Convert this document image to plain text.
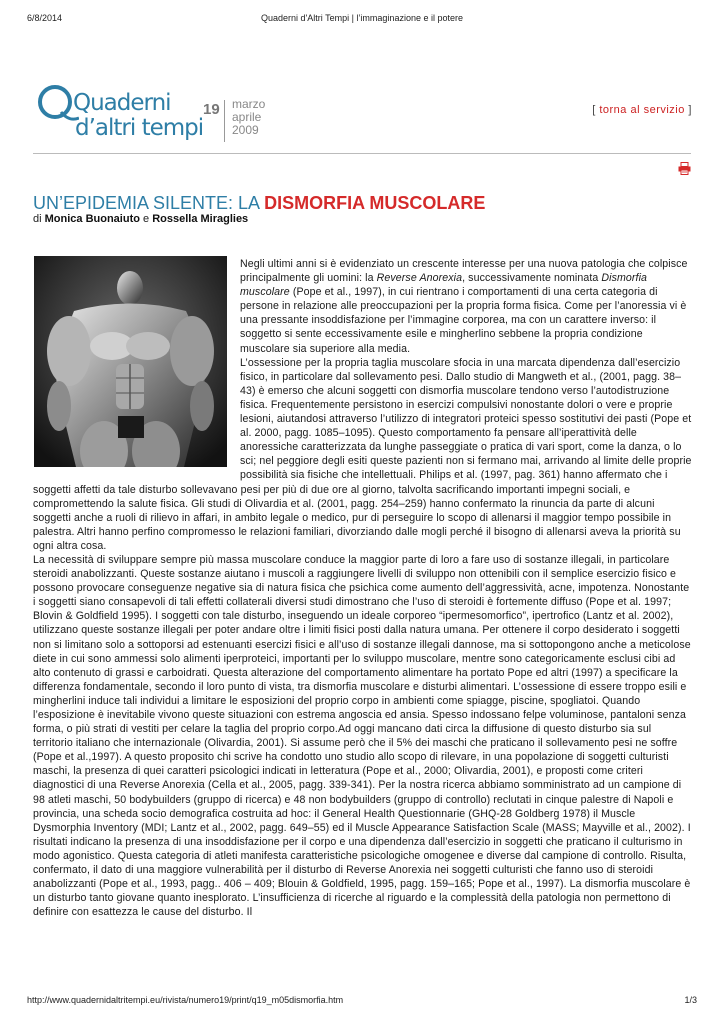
6/8/2014	Quaderni d'Altri Tempi | l’immaginazione e il potere
Quaderni
d’altri tempi
19 marzo
aprile
2009
[ torna al servizio ]
UN’EPIDEMIA SILENTE: LA DISMORFIA MUSCOLARE
di Monica Buonaiuto e Rossella Miraglies

Negli ultimi anni si è evidenziato un crescente interesse per una nuova patologia che colpisce principalmente gli uomini: la Reverse Anorexia, successivamente nominata Dismorfia muscolare (Pope et al., 1997), in cui rientrano i comportamenti di una certa categoria di persone in relazione alle preoccupazioni per la propria forma fisica. Come per l’anoressia vi è una pressante insoddisfazione per l’immagine corporea, ma con un carattere inverso: il soggetto si sente eccessivamente esile e mingherlino sebbene la propria condizione muscolare sia superiore alla media.

L’ossessione per la propria taglia muscolare sfocia in una marcata dipendenza dall’esercizio fisico, in particolare dal sollevamento pesi. Dallo studio di Mangweth et al., (2001, pagg. 38–43) è emerso che alcuni soggetti con dismorfia muscolare tendono verso l’autodistruzione fisica. Frequentemente persistono in esercizi compulsivi nonostante dolori o vere e proprie lesioni, aiutandosi attraverso l’utilizzo di integratori proteici spesso sostitutivi dei pasti (Pope et al. 2000, pagg. 1085–1095). Questo comportamento fa pensare all’iperattività delle anoressiche caratterizzata da lunghe passeggiate o pratica di vari sport, come la danza, o lo sci; nel peggiore degli esiti queste pazienti non si fermano mai, arrivando al limite delle proprie possibilità sia fisiche che intellettuali. Philips et al. (1997, pag. 361) hanno affermato che i soggetti affetti da tale disturbo sollevavano pesi per più di due ore al giorno, talvolta sacrificando importanti impegni sociali, e compromettendo la salute fisica. Gli studi di Olivardia et al. (2001, pagg. 254–259) hanno confermato la rinuncia da parte di alcuni soggetti anche a ruoli di rilievo in affari, in ambito legale o medico, pur di perseguire lo scopo di allenarsi il maggior tempo possibile in palestra. Altri hanno perfino compromesso le relazioni familiari, divorziando dalle mogli perché il bisogno di allenarsi aveva la priorità su ogni altra cosa.

La necessità di sviluppare sempre più massa muscolare conduce la maggior parte di loro a fare uso di sostanze illegali, in particolare steroidi anabolizzanti. Queste sostanze aiutano i muscoli a raggiungere livelli di sviluppo non ottenibili con il semplice esercizio fisico e possono provocare conseguenze negative sia di natura fisica che psichica come aumento dell’aggressività, acne, impotenza. Nonostante i soggetti siano consapevoli di tali effetti collaterali diversi studi dimostrano che l’uso di steroidi è fortemente diffuso (Pope et al. 1997; Blovin & Goldfield 1995). I soggetti con tale disturbo, inseguendo un ideale corporeo “ipermesomorfico”, ipertrofico (Lantz et al. 2002), utilizzano queste sostanze illegali per poter andare oltre i limiti fisici posti dalla natura umana. Per ottenere il corpo desiderato i soggetti non si limitano solo a sottoporsi ad estenuanti esercizi fisici e all’uso di sostanze illegali dannose, ma si sottopongono anche a meticolose diete in cui sono ammessi solo alimenti iperproteici, importanti per lo sviluppo muscolare, mentre sono categoricamente esclusi cibi ad alto contenuto di grassi e carboidrati. Questa alterazione del comportamento alimentare ha portato Pope ed altri (1997) a specificare la differenza fondamentale, secondo il loro punto di vista, tra dismorfia muscolare e disturbi alimentari. L’ossessione di essere troppo esili e mingherlini induce tali individui a limitare le esposizioni del proprio corpo in ambienti come spiagge, piscine, spogliatoi. Quando l’esposizione è inevitabile vivono queste situazioni con estrema angoscia ed ansia. Spesso indossano felpe voluminose, pantaloni senza forma, o più strati di vestiti per celare la taglia del proprio corpo.Ad oggi mancano dati circa la diffusione di questo disturbo sia sul territorio italiano che internazionale (Olivardia, 2001). Si assume però che il 5% dei maschi che praticano il sollevamento pesi ne soffre (Pope et al.,1997). A questo proposito chi scrive ha condotto uno studio allo scopo di rilevare, in una popolazione di soggetti culturisti maschi, la presenza di quei caratteri psicologici indicati in letteratura (Pope et al., 2000; Olivardia, 2001), e proposti come criteri diagnostici di una Reverse Anorexia (Cella et al., 2005, pagg. 339-341). Per la nostra ricerca abbiamo somministrato ad un campione di 98 atleti maschi, 50 bodybuilders (gruppo di ricerca) e 48 non bodybuilders (gruppo di controllo) reclutati in cinque palestre di Napoli e provincia, una scheda socio demografica costruita ad hoc: il General Health Questionnarie (GHQ-28 Goldberg 1978) il Muscle Dysmorphia Inventory (MDI; Lantz et al., 2002, pagg. 649–55) ed il Muscle Appearance Satisfaction Scale (MASS; Mayville et al., 2002). I risultati indicano la presenza di una insoddisfazione per il corpo e una dipendenza dall’esercizio in soggetti che praticano il culturismo in modo agonistico. Questa categoria di atleti manifesta caratteristiche psicologiche omogenee e diverse dal campione di controllo. Risulta, confermato, il dato di una maggiore vulnerabilità per il disturbo di Reverse Anorexia nei soggetti culturisti che fanno uso di steroidi anabolizzanti (Pope et al., 1993, pagg.. 406 – 409; Blouin & Goldfield, 1995, pagg. 159–165; Pope et al., 1997). La dismorfia muscolare è un disturbo tanto giovane quanto inesplorato. L’insufficienza di ricerche al riguardo e la complessità della patologia non permettono di definire con esattezza le cause del disturbo. Il

http://www.quadernidaltritempi.eu/rivista/numero19/print/q19_m05dismorfia.htm	1/3
